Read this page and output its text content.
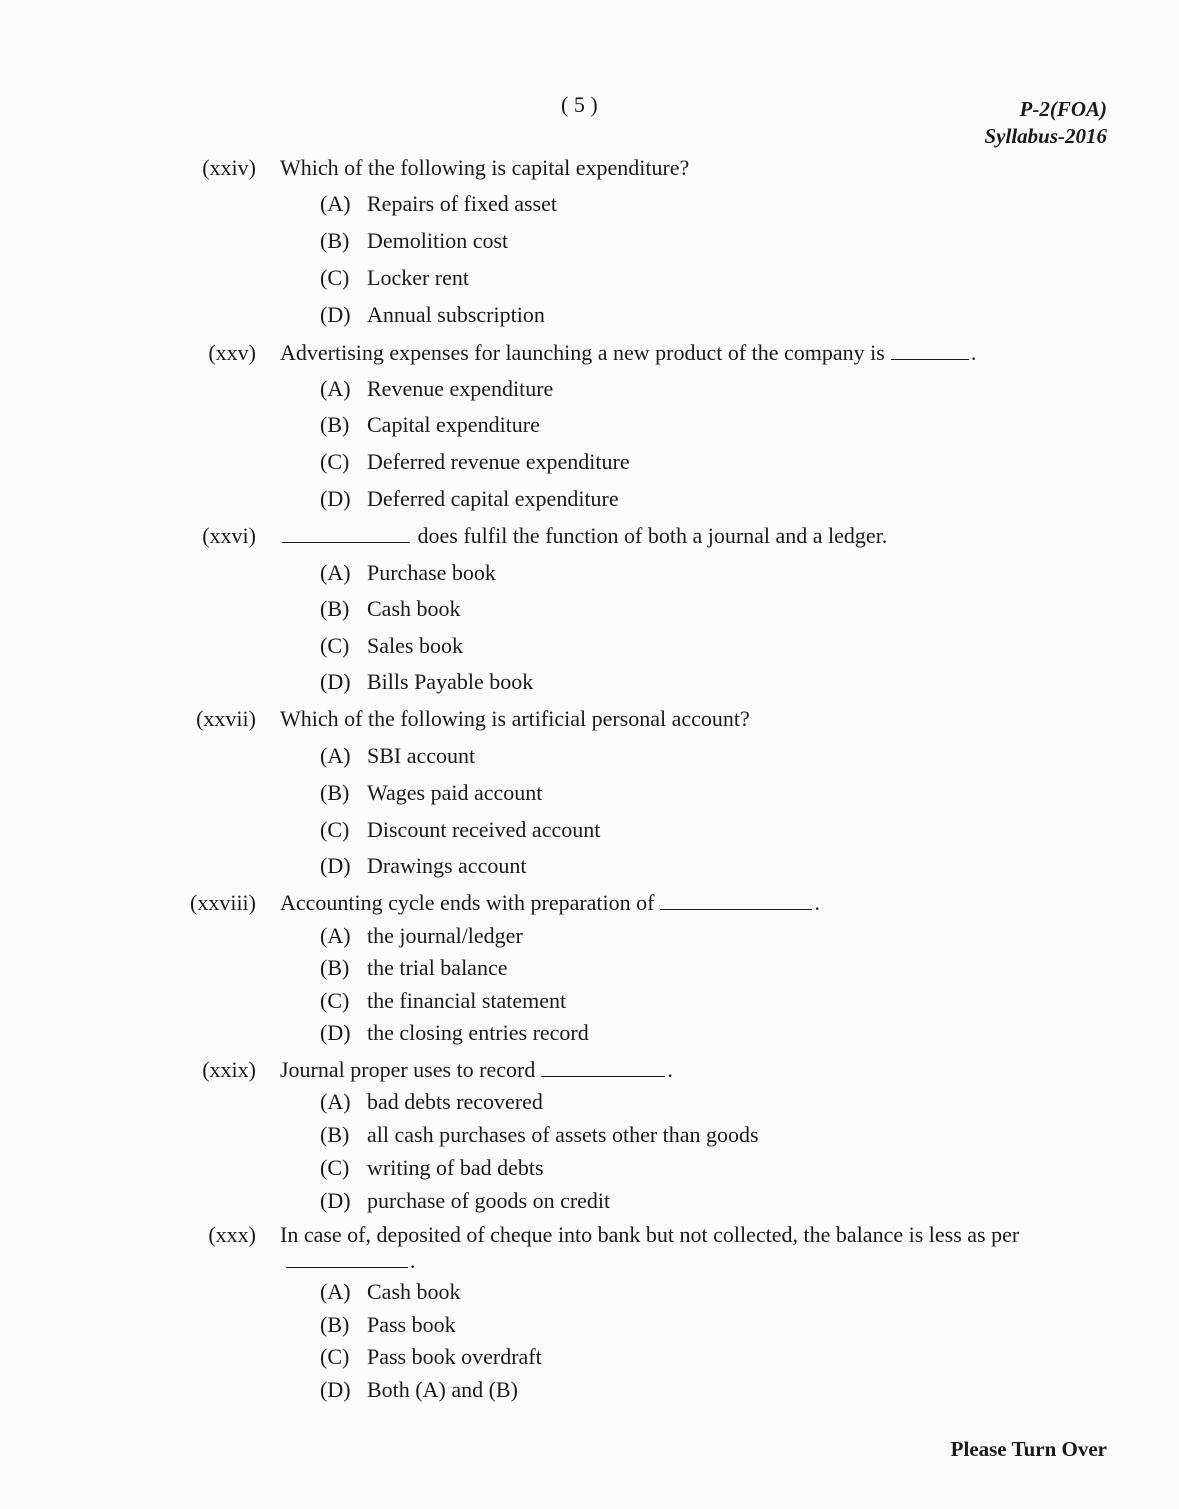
( 5 )	P-2(FOA)
Syllabus-2016
(xxiv) Which of the following is capital expenditure?
(A) Repairs of fixed asset
(B) Demolition cost
(C) Locker rent
(D) Annual subscription
(xxv) Advertising expenses for launching a new product of the company is	.
(A) Revenue expenditure
(B) Capital expenditure
(C) Deferred revenue expenditure
(D) Deferred capital expenditure
(xxvi)	does fulfil the function of both a journal and a ledger.
(A) Purchase book
(B) Cash book
(C) Sales book
(D) Bills Payable book
(xxvii) Which of the following is artificial personal account?
(A) SBI account
(B) Wages paid account
(C) Discount received account
(D) Drawings account
(xxviii) Accounting cycle ends with preparation of	.
(A) the journal/ledger
(B) the trial balance
(C) the financial statement
(D) the closing entries record
(xxix) Journal proper uses to record	.
(A) bad debts recovered
(B) all cash purchases of assets other than goods
(C) writing of bad debts
(D) purchase of goods on credit
(xxx) In case of, deposited of cheque into bank but not collected, the balance is less as per.
(A) Cash book
(B) Pass book
(C) Pass book overdraft
(D) Both (A) and (B)
Please Turn Over
